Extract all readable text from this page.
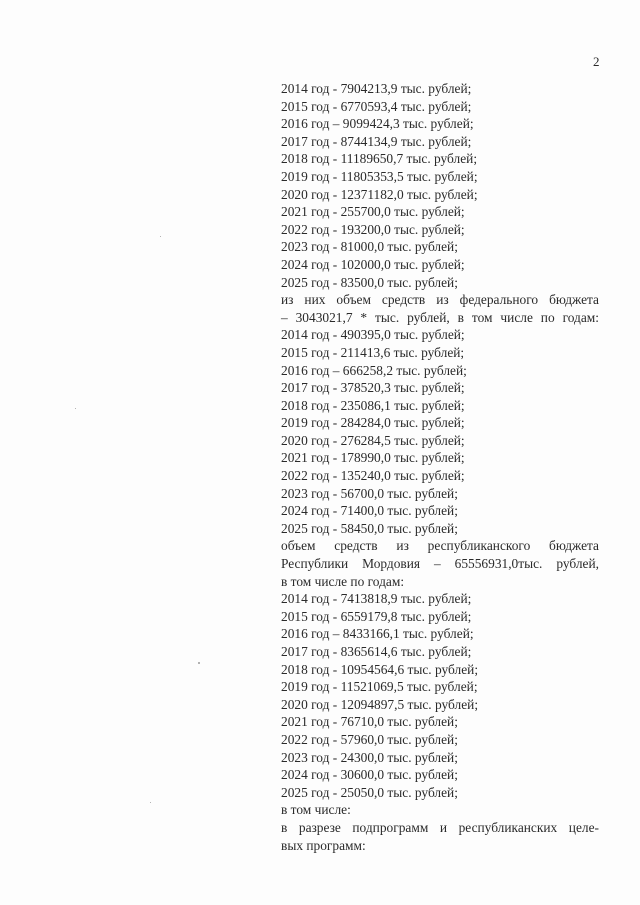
2
2014 год - 7904213,9 тыс. рублей;
2015 год - 6770593,4 тыс. рублей;
2016 год – 9099424,3 тыс. рублей;
2017 год - 8744134,9 тыс. рублей;
2018 год - 11189650,7 тыс. рублей;
2019 год - 11805353,5 тыс. рублей;
2020 год - 12371182,0 тыс. рублей;
2021 год - 255700,0 тыс. рублей;
2022 год - 193200,0 тыс. рублей;
2023 год - 81000,0 тыс. рублей;
2024 год - 102000,0 тыс. рублей;
2025 год - 83500,0 тыс. рублей;
из них объем средств из федерального бюджета
– 3043021,7 * тыс. рублей, в том числе по годам:
2014 год - 490395,0 тыс. рублей;
2015 год - 211413,6 тыс. рублей;
2016 год – 666258,2 тыс. рублей;
2017 год - 378520,3 тыс. рублей;
2018 год - 235086,1 тыс. рублей;
2019 год - 284284,0 тыс. рублей;
2020 год - 276284,5 тыс. рублей;
2021 год - 178990,0 тыс. рублей;
2022 год - 135240,0 тыс. рублей;
2023 год - 56700,0 тыс. рублей;
2024 год - 71400,0 тыс. рублей;
2025 год - 58450,0 тыс. рублей;
объем средств из республиканского бюджета
Республики Мордовия – 65556931,0тыс. рублей,
в том числе по годам:
2014 год - 7413818,9 тыс. рублей;
2015 год - 6559179,8 тыс. рублей;
2016 год – 8433166,1 тыс. рублей;
2017 год - 8365614,6 тыс. рублей;
2018 год - 10954564,6 тыс. рублей;
2019 год - 11521069,5 тыс. рублей;
2020 год - 12094897,5 тыс. рублей;
2021 год - 76710,0 тыс. рублей;
2022 год - 57960,0 тыс. рублей;
2023 год - 24300,0 тыс. рублей;
2024 год - 30600,0 тыс. рублей;
2025 год - 25050,0 тыс. рублей;
в том числе:
в разрезе подпрограмм и республиканских целе-
вых программ:
